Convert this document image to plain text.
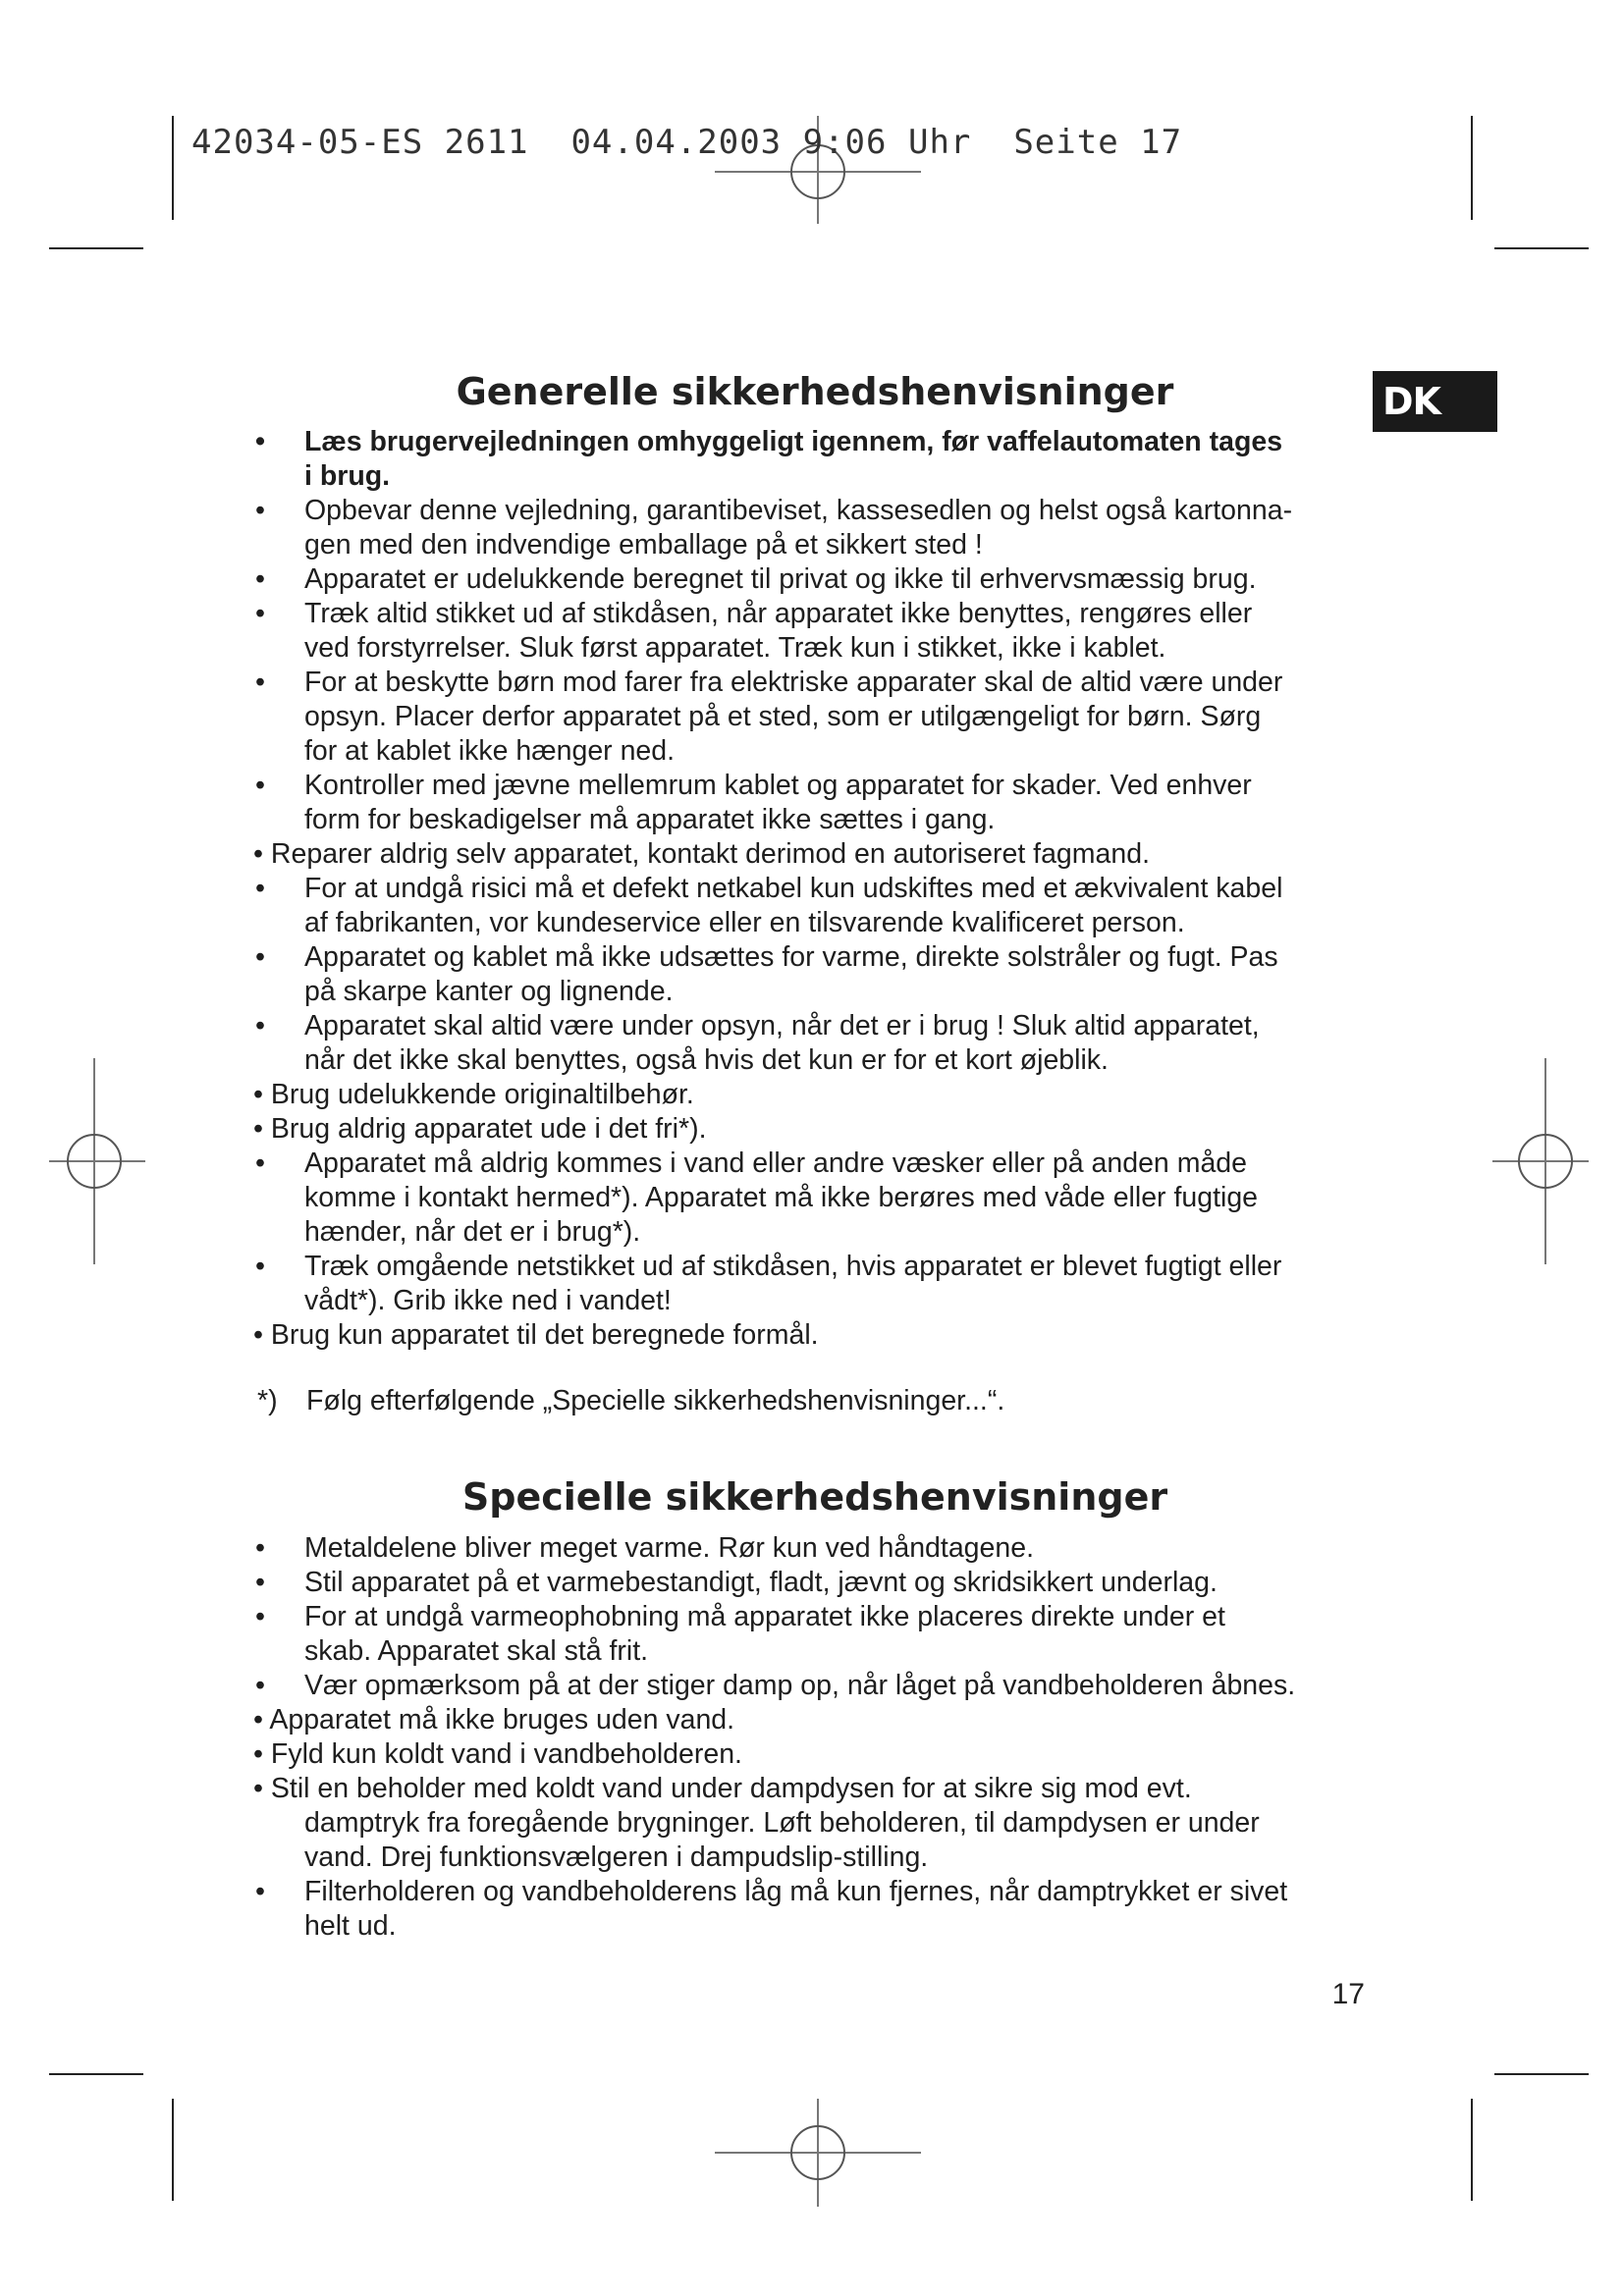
42034-05-ES 2611  04.04.2003 9:06 Uhr  Seite 17
DK
Generelle sikkerhedshenvisninger
• Læs brugervejledningen omhyggeligt igennem, før vaffelautomaten tages
i brug.
• Opbevar denne vejledning, garantibeviset, kassesedlen og helst også kartonna-
gen med den indvendige emballage på et sikkert sted !
• Apparatet er udelukkende beregnet til privat og ikke til erhvervsmæssig brug.
• Træk altid stikket ud af stikdåsen, når apparatet ikke benyttes, rengøres eller
ved forstyrrelser. Sluk først apparatet. Træk kun i stikket, ikke i kablet.
• For at beskytte børn mod farer fra elektriske apparater skal de altid være under
opsyn. Placer derfor apparatet på et sted, som er utilgængeligt for børn. Sørg
for at kablet ikke hænger ned.
• Kontroller med jævne mellemrum kablet og apparatet for skader. Ved enhver
form for beskadigelser må apparatet ikke sættes i gang.
• Reparer aldrig selv apparatet, kontakt derimod en autoriseret fagmand.
• For at undgå risici må et defekt netkabel kun udskiftes med et ækvivalent kabel
af fabrikanten, vor kundeservice eller en tilsvarende kvalificeret person.
• Apparatet og kablet må ikke udsættes for varme, direkte solstråler og fugt. Pas
på skarpe kanter og lignende.
• Apparatet skal altid være under opsyn, når det er i brug ! Sluk altid apparatet,
når det ikke skal benyttes, også hvis det kun er for et kort øjeblik.
• Brug udelukkende originaltilbehør.
• Brug aldrig apparatet ude i det fri*).
• Apparatet må aldrig kommes i vand eller andre væsker eller på anden måde
komme i kontakt hermed*). Apparatet må ikke berøres med våde eller fugtige
hænder, når det er i brug*).
• Træk omgående netstikket ud af stikdåsen, hvis apparatet er blevet fugtigt eller
vådt*). Grib ikke ned i vandet!
• Brug kun apparatet til det beregnede formål.
*) Følg efterfølgende „Specielle sikkerhedshenvisninger...“.
Specielle sikkerhedshenvisninger
• Metaldelene bliver meget varme. Rør kun ved håndtagene.
• Stil apparatet på et varmebestandigt, fladt, jævnt og skridsikkert underlag.
• For at undgå varmeophobning må apparatet ikke placeres direkte under et
skab. Apparatet skal stå frit.
• Vær opmærksom på at der stiger damp op, når låget på vandbeholderen åbnes.
• Apparatet må ikke bruges uden vand.
• Fyld kun koldt vand i vandbeholderen.
• Stil en beholder med koldt vand under dampdysen for at sikre sig mod evt.
damptryk fra foregående brygninger. Løft beholderen, til dampdysen er under
vand. Drej funktionsvælgeren i dampudslip-stilling.
• Filterholderen og vandbeholderens låg må kun fjernes, når damptrykket er sivet
helt ud.
17
